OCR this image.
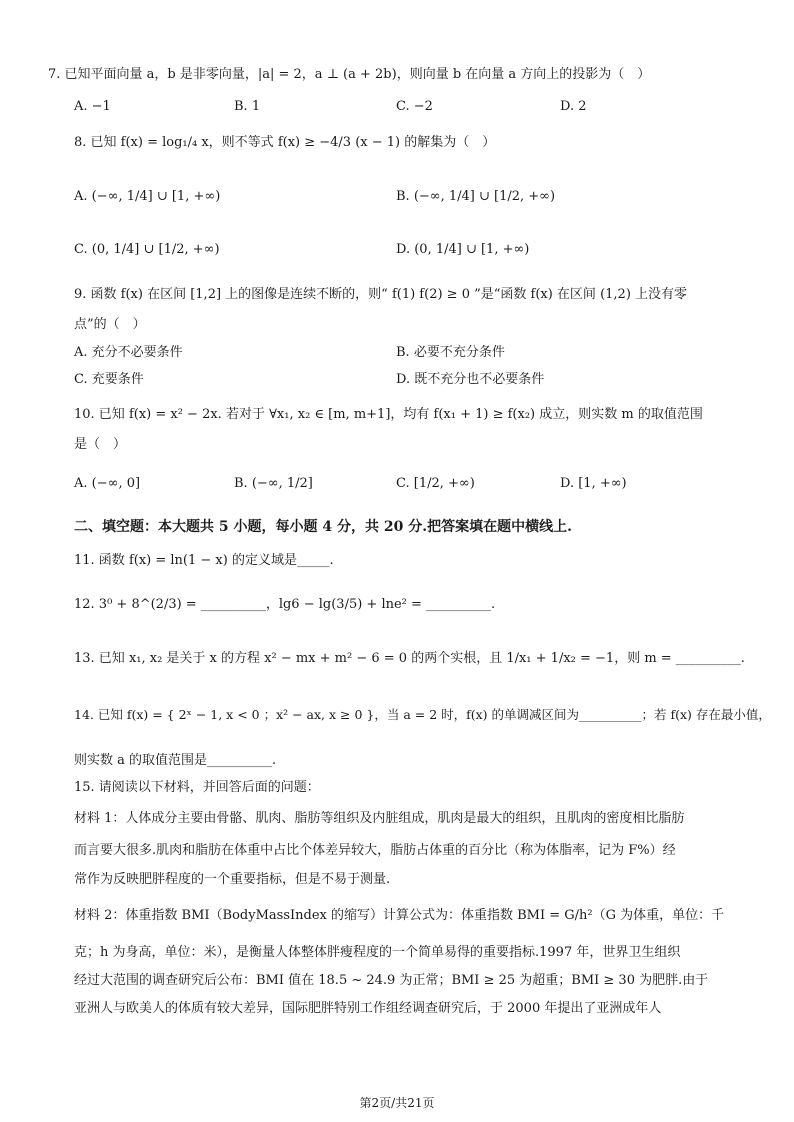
7. 已知平面向量 a，b 是非零向量，|a| = 2，a ⊥ (a + 2b)，则向量 b 在向量 a 方向上的投影为（　）
A. −1	B. 1	C. −2	D. 2
8. 已知 f(x) = log₁/₄ x，则不等式 f(x) ≥ −4/3 (x − 1) 的解集为（　）
A. (−∞, 1/4] ∪ [1, +∞)	B. (−∞, 1/4] ∪ [1/2, +∞)
C. (0, 1/4] ∪ [1/2, +∞)	D. (0, 1/4] ∪ [1, +∞)
9. 函数 f(x) 在区间 [1,2] 上的图像是连续不断的，则“ f(1) f(2) ≥ 0 ”是“函数 f(x) 在区间 (1,2) 上没有零
点”的（　）
A. 充分不必要条件	B. 必要不充分条件
C. 充要条件	D. 既不充分也不必要条件
10. 已知 f(x) = x² − 2x. 若对于 ∀x₁, x₂ ∈ [m, m+1]，均有 f(x₁ + 1) ≥ f(x₂) 成立，则实数 m 的取值范围
是（　）
A. (−∞, 0]	B. (−∞, 1/2]	C. [1/2, +∞)	D. [1, +∞)
二、填空题：本大题共 5 小题，每小题 4 分，共 20 分.把答案填在题中横线上.
11. 函数 f(x) = ln(1 − x) 的定义域是_____.
12. 3⁰ + 8^(2/3) = __________，lg6 − lg(3/5) + lne² = __________.
13. 已知 x₁, x₂ 是关于 x 的方程 x² − mx + m² − 6 = 0 的两个实根，且 1/x₁ + 1/x₂ = −1，则 m = __________.
14. 已知 f(x) = { 2ˣ − 1, x < 0 ；x² − ax, x ≥ 0 }，当 a = 2 时，f(x) 的单调减区间为__________；若 f(x) 存在最小值，
则实数 a 的取值范围是__________.
15. 请阅读以下材料，并回答后面的问题：
材料 1：人体成分主要由骨骼、肌肉、脂肪等组织及内脏组成，肌肉是最大的组织，且肌肉的密度相比脂肪
而言要大很多.肌肉和脂肪在体重中占比个体差异较大，脂肪占体重的百分比（称为体脂率，记为 F%）经
常作为反映肥胖程度的一个重要指标，但是不易于测量.
材料 2：体重指数 BMI（BodyMassIndex 的缩写）计算公式为：体重指数 BMI = G/h²（G 为体重，单位：千
克；h 为身高，单位：米），是衡量人体整体胖瘦程度的一个简单易得的重要指标.1997 年，世界卫生组织
经过大范围的调查研究后公布：BMI 值在 18.5 ~ 24.9 为正常；BMI ≥ 25 为超重；BMI ≥ 30 为肥胖.由于
亚洲人与欧美人的体质有较大差异，国际肥胖特别工作组经调查研究后，于 2000 年提出了亚洲成年人
第2页/共21页
